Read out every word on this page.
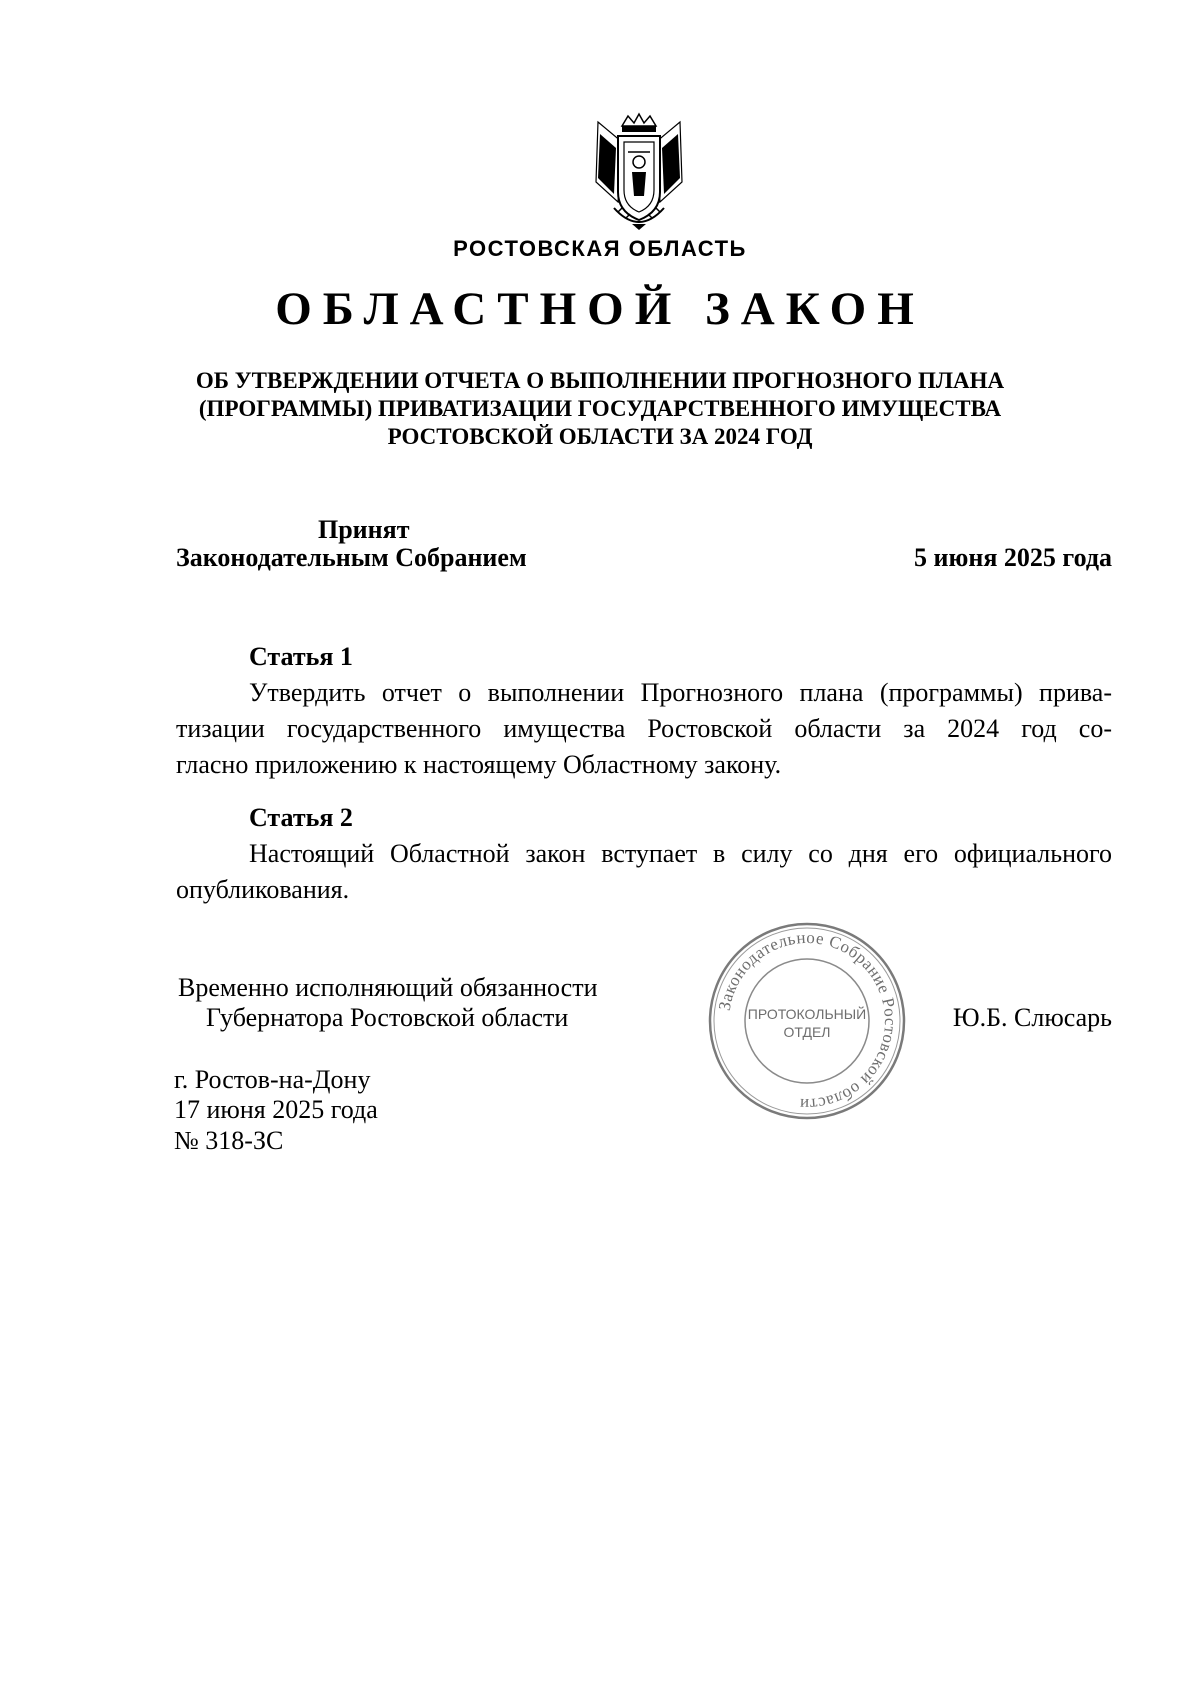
РОСТОВСКАЯ ОБЛАСТЬ
ОБЛАСТНОЙ ЗАКОН
ОБ УТВЕРЖДЕНИИ ОТЧЕТА О ВЫПОЛНЕНИИ ПРОГНОЗНОГО ПЛАНА
(ПРОГРАММЫ) ПРИВАТИЗАЦИИ ГОСУДАРСТВЕННОГО ИМУЩЕСТВА
РОСТОВСКОЙ ОБЛАСТИ ЗА 2024 ГОД
Принят
Законодательным Собранием	5 июня 2025 года
Статья 1
Утвердить отчет о выполнении Прогнозного плана (программы) прива-
тизации государственного имущества Ростовской области за 2024 год со-
гласно приложению к настоящему Областному закону.
Статья 2
Настоящий Областной закон вступает в силу со дня его официального
опубликования.
Временно исполняющий обязанности
Губернатора Ростовской области	Ю.Б. Слюсарь
г. Ростов-на-Дону
17 июня 2025 года
№ 318-ЗС
Законодательное Собрание Ростовской области
ПРОТОКОЛЬНЫЙ
ОТДЕЛ
